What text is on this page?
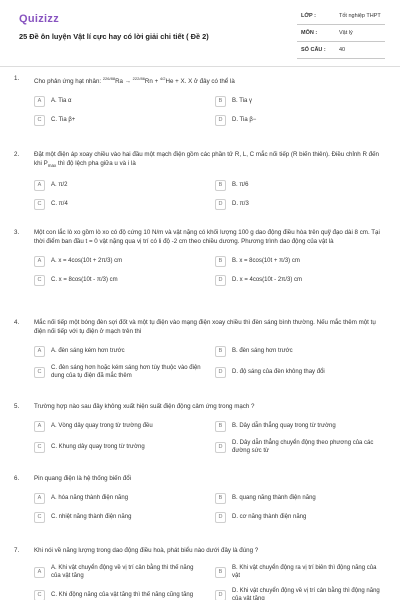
Quizizz
25 Đề ôn luyện Vật lí cực hay có lời giải chi tiết ( Đề 2)
LỚP :	Tốt nghiệp THPT
MÔN :	Vật lý
SỐ CÂU : 40
1.	Cho phản ứng hạt nhân: $^{226/88}$Ra → $^{222/86}$Rn + $^{4/2}$He + X. X ở đây có thể là
A	A. Tia α	B	B. Tia γ
C	C. Tia β+	D	D. Tia β−
2.	Đặt một điện áp xoay chiều vào hai đầu một mạch điện gồm các phần tử R, L, C mắc nối tiếp (R biến thiên). Điều chỉnh R đến khi $P_{max}$ thì độ lệch pha giữa u và i là
A	A. π/2	B	B. π/6
C	C. π/4	D	D. π/3
3.	Một con lắc lò xo gồm lò xo có độ cứng 10 N/m và vật nặng có khối lượng 100 g dao động điều hòa trên quỹ đạo dài 8 cm. Tại thời điểm ban đầu t = 0 vật nặng qua vị trí có li độ -2 cm theo chiều dương. Phương trình dao động của vật là
A	A. x = 4cos(10t + 2π/3) cm	B	B. x = 8cos(10t + π/3) cm
C	C. x = 8cos(10t - π/3) cm	D	D. x = 4cos(10t - 2π/3) cm
4.	Mắc nối tiếp một bóng đèn sợi đốt và một tụ điện vào mạng điện xoay chiều thì đèn sáng bình thường. Nếu mắc thêm một tụ điện nối tiếp với tụ điện ở mạch trên thì
A	A. đèn sáng kém hơn trước	B	B. đèn sáng hơn trước
C
C. đèn sáng hơn hoặc kém sáng hơn tùy thuộc vào điện dung của tụ điện đã mắc thêm
D	D. độ sáng của đèn không thay đổi
5.	Trường hợp nào sau đây không xuất hiện suất điện động cảm ứng trong mạch ?
A	A. Vòng dây quay trong từ trường đều	B	B. Dây dẫn thẳng quay trong từ trường
C	C. Khung dây quay trong từ trường	D
D. Dây dẫn thẳng chuyển động theo phương của các đường sức từ
6.	Pin quang điện là hệ thống biến đổi
A	A. hóa năng thành điện năng	B	B. quang năng thành điện năng
C	C. nhiệt năng thành điện năng	D	D. cơ năng thành điện năng
7.	Khi nói về năng lượng trong dao động điều hoà, phát biểu nào dưới đây là đúng ?
A
A. Khi vật chuyển động về vị trí cân bằng thì thế năng của vật tăng
B
B. Khi vật chuyển động ra vị trí biên thì động năng của vật
C	C. Khi động năng của vật tăng thì thế năng cũng tăng	D
D. Khi vật chuyển động về vị trí cân bằng thì động năng của vật tăng
